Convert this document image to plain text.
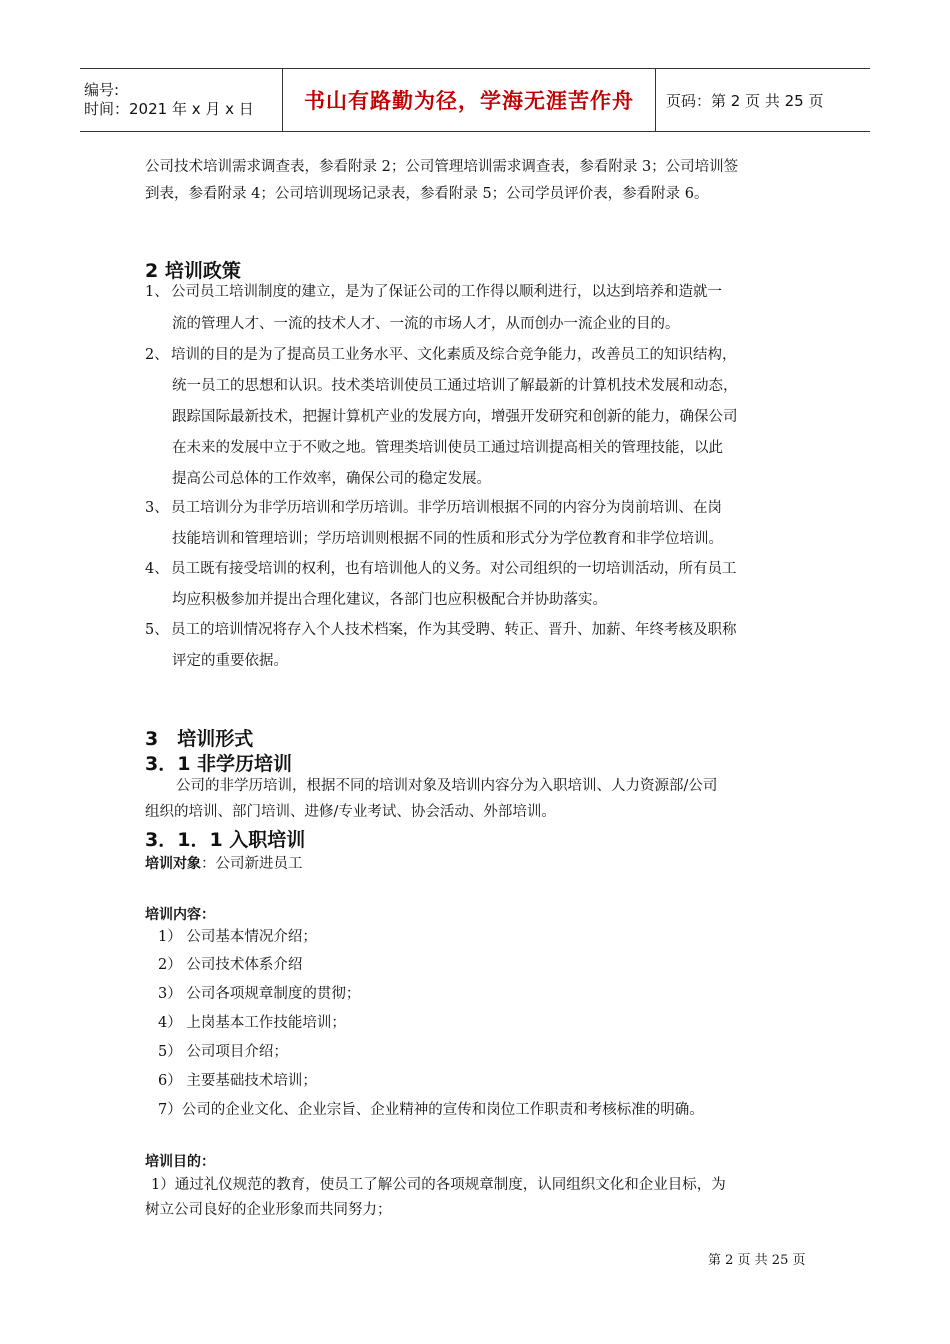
编号:
时间：2021 年 x 月 x 日	书山有路勤为径，学海无涯苦作舟	页码：第 2 页 共 25 页
公司技术培训需求调查表，参看附录 2；公司管理培训需求调查表，参看附录 3；公司培训签
到表，参看附录 4；公司培训现场记录表，参看附录 5；公司学员评价表，参看附录 6。
2 培训政策
1、 公司员工培训制度的建立，是为了保证公司的工作得以顺利进行，以达到培养和造就一
流的管理人才、一流的技术人才、一流的市场人才，从而创办一流企业的目的。
2、 培训的目的是为了提高员工业务水平、文化素质及综合竞争能力，改善员工的知识结构，
统一员工的思想和认识。技术类培训使员工通过培训了解最新的计算机技术发展和动态，
跟踪国际最新技术，把握计算机产业的发展方向，增强开发研究和创新的能力，确保公司
在未来的发展中立于不败之地。管理类培训使员工通过培训提高相关的管理技能，以此
提高公司总体的工作效率，确保公司的稳定发展。
3、 员工培训分为非学历培训和学历培训。非学历培训根据不同的内容分为岗前培训、在岗
技能培训和管理培训；学历培训则根据不同的性质和形式分为学位教育和非学位培训。
4、 员工既有接受培训的权利，也有培训他人的义务。对公司组织的一切培训活动，所有员工
均应积极参加并提出合理化建议，各部门也应积极配合并协助落实。
5、 员工的培训情况将存入个人技术档案，作为其受聘、转正、晋升、加薪、年终考核及职称
评定的重要依据。
3　培训形式
3．1 非学历培训
公司的非学历培训，根据不同的培训对象及培训内容分为入职培训、人力资源部/公司
组织的培训、部门培训、进修/专业考试、协会活动、外部培训。
3．1．1 入职培训
培训对象：公司新进员工
培训内容：
1） 公司基本情况介绍；
2） 公司技术体系介绍
3） 公司各项规章制度的贯彻；
4） 上岗基本工作技能培训；
5） 公司项目介绍；
6） 主要基础技术培训；
7）公司的企业文化、企业宗旨、企业精神的宣传和岗位工作职责和考核标准的明确。
培训目的：
1）通过礼仪规范的教育，使员工了解公司的各项规章制度，认同组织文化和企业目标，为
树立公司良好的企业形象而共同努力；
第 2 页 共 25 页
